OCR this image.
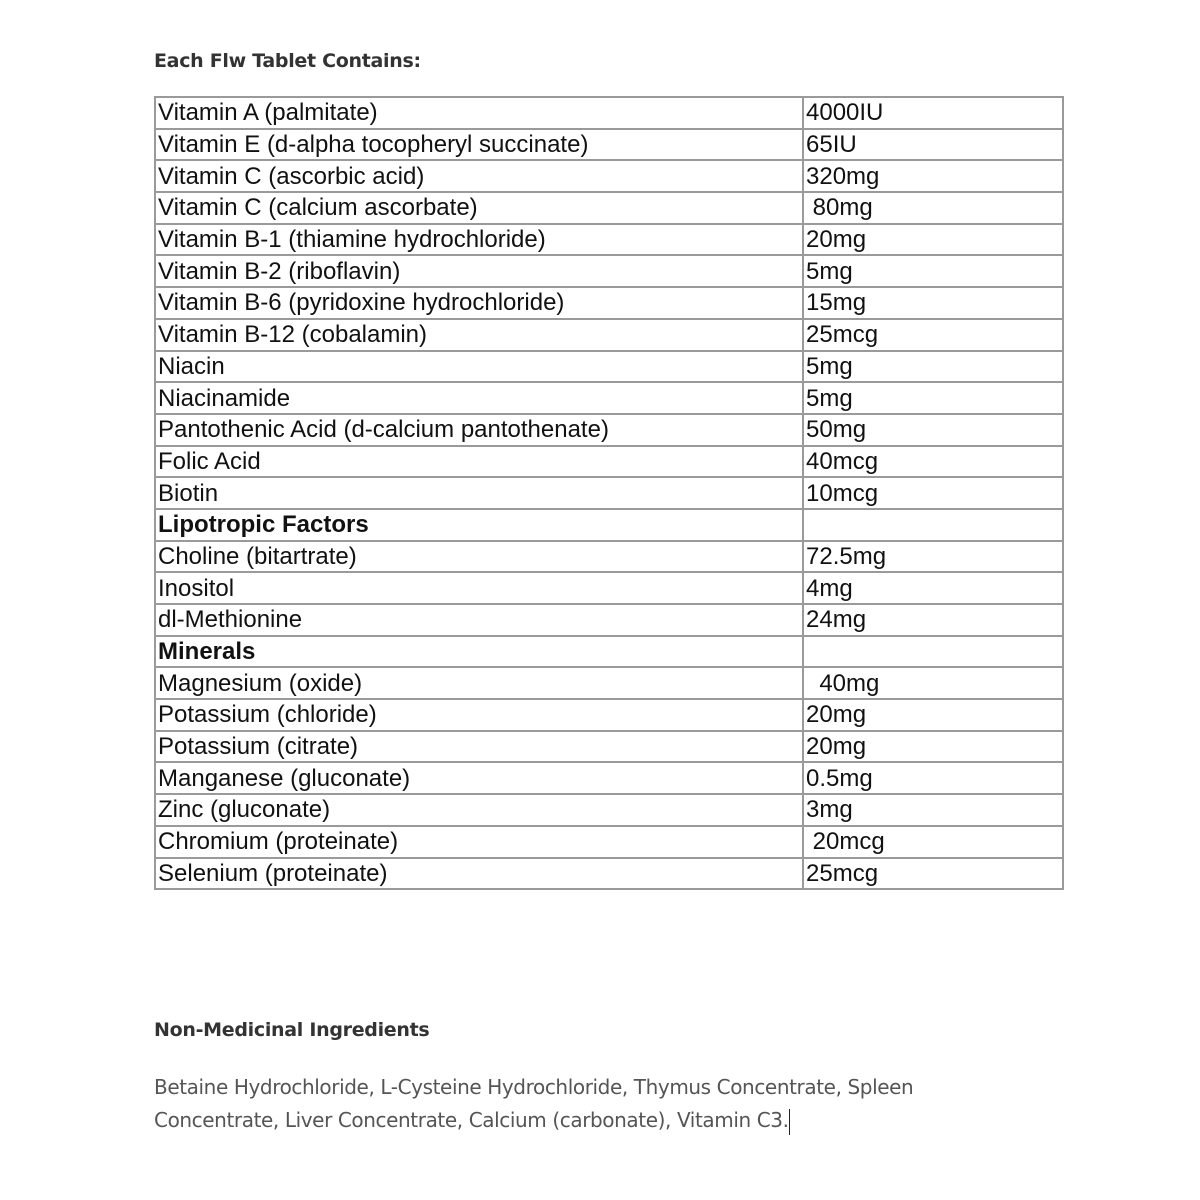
Each Flw Tablet Contains:
Vitamin A (palmitate)	4000IU
Vitamin E (d-alpha tocopheryl succinate)	65IU
Vitamin C (ascorbic acid)	320mg
Vitamin C (calcium ascorbate)	80mg
Vitamin B-1 (thiamine hydrochloride)	20mg
Vitamin B-2 (riboflavin)	5mg
Vitamin B-6 (pyridoxine hydrochloride)	15mg
Vitamin B-12 (cobalamin)	25mcg
Niacin	5mg
Niacinamide	5mg
Pantothenic Acid (d-calcium pantothenate)	50mg
Folic Acid	40mcg
Biotin	10mcg
Lipotropic Factors	
Choline (bitartrate)	72.5mg
Inositol	4mg
dl-Methionine	24mg
Minerals	
Magnesium (oxide)	40mg
Potassium (chloride)	20mg
Potassium (citrate)	20mg
Manganese (gluconate)	0.5mg
Zinc (gluconate)	3mg
Chromium (proteinate)	20mcg
Selenium (proteinate)	25mcg
Non-Medicinal Ingredients
Betaine Hydrochloride, L-Cysteine Hydrochloride, Thymus Concentrate, Spleen Concentrate, Liver Concentrate, Calcium (carbonate), Vitamin C3.
